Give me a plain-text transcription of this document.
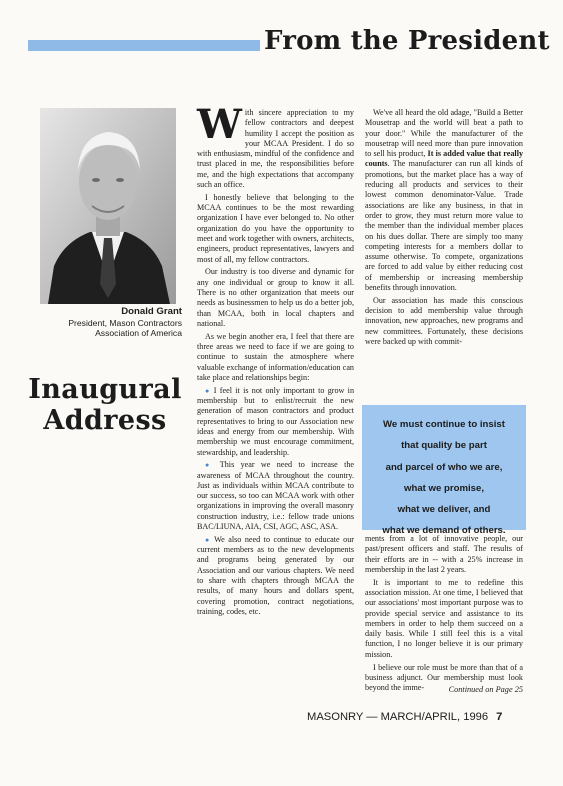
From the President
Donald Grant
President, Mason Contractors
Association of America
Inaugural
Address

With sincere appreciation to my fellow contractors and deepest humility I accept the position as your MCAA President. I do so with enthusiasm, mindful of the confidence and trust placed in me, the responsibilities before me, and the high expectations that accompany such an office.

I honestly believe that belonging to the MCAA continues to be the most rewarding organization I have ever belonged to. No other organization do you have the opportunity to meet and work together with owners, architects, engineers, product representatives, lawyers and most of all, my fellow contractors.

Our industry is too diverse and dynamic for any one individual or group to know it all. There is no other organization that meets our needs as businessmen to help us do a better job, than MCAA, both in local chapters and national.

As we begin another era, I feel that there are three areas we need to face if we are going to continue to sustain the atmosphere where valuable exchange of information/education can take place and relationships begin:

● I feel it is not only important to grow in membership but to enlist/recruit the new generation of mason contractors and product representatives to bring to our Association new ideas and energy from our membership. With membership we must encourage commitment, stewardship, and leadership.

● This year we need to increase the awareness of MCAA throughout the country. Just as individuals within MCAA contribute to our success, so too can MCAA work with other organizations in improving the overall masonry construction industry, i.e.: fellow trade unions BAC/LIUNA, AIA, CSI, AGC, ASC, ASA.

● We also need to continue to educate our current members as to the new developments and programs being generated by our Association and our various chapters. We need to share with chapters through MCAA the results, of many hours and dollars spent, covering promotion, contract negotiations, training, codes, etc.

We've all heard the old adage, "Build a Better Mousetrap and the world will beat a path to your door." While the manufacturer of the mousetrap will need more than pure innovation to sell his product, It is added value that really counts. The manufacturer can run all kinds of promotions, but the market place has a way of reducing all products and services to their lowest common denominator-Value. Trade associations are like any business, in that in order to grow, they must return more value to the member than the individual member places on his dues dollar. There are simply too many competing interests for a members dollar to assume otherwise. To compete, organizations are forced to add value by either reducing cost of membership or increasing membership benefits through innovation.

Our association has made this conscious decision to add membership value through innovation, new approaches, new programs and new committees. Fortunately, these decisions were backed up with commit-

We must continue to insist
that quality be part
and parcel of who we are,
what we promise,
what we deliver, and
what we demand of others.

ments from a lot of innovative people, our past/present officers and staff. The results of their efforts are in -- with a 25% increase in membership in the last 2 years.

It is important to me to redefine this association mission. At one time, I believed that our associations' most important purpose was to provide special service and assistance to its members in order to help them succeed on a daily basis. While I still feel this is a vital function, I no longer believe it is our primary mission.

I believe our role must be more than that of a business adjunct. Our membership must look beyond the imme-	Continued on Page 25
MASONRY — MARCH/APRIL, 1996 7
